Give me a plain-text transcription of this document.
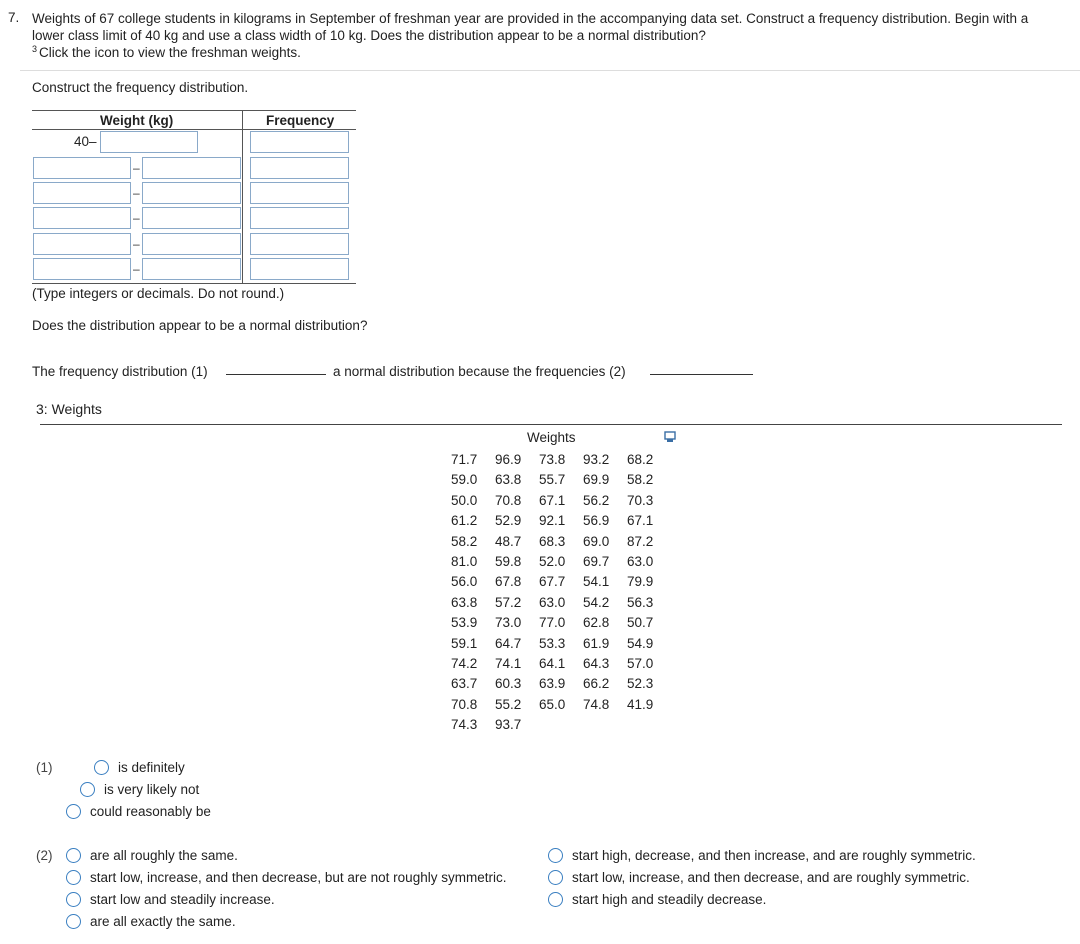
7. Weights of 67 college students in kilograms in September of freshman year are provided in the accompanying data set. Construct a frequency distribution. Begin with a lower class limit of 40 kg and use a class width of 10 kg. Does the distribution appear to be a normal distribution?
$^3$ Click the icon to view the freshman weights.
Construct the frequency distribution.
Weight (kg)	Frequency
40–
–
–
–
–
–
(Type integers or decimals. Do not round.)
Does the distribution appear to be a normal distribution?
The frequency distribution (1)	a normal distribution because the frequencies (2)
3: Weights
Weights
71.7	96.9	73.8	93.2	68.2
59.0	63.8	55.7	69.9	58.2
50.0	70.8	67.1	56.2	70.3
61.2	52.9	92.1	56.9	67.1
58.2	48.7	68.3	69.0	87.2
81.0	59.8	52.0	69.7	63.0
56.0	67.8	67.7	54.1	79.9
63.8	57.2	63.0	54.2	56.3
53.9	73.0	77.0	62.8	50.7
59.1	64.7	53.3	61.9	54.9
74.2	74.1	64.1	64.3	57.0
63.7	60.3	63.9	66.2	52.3
70.8	55.2	65.0	74.8	41.9
74.3	93.7
(1)	is definitely
is very likely not
could reasonably be
(2)	are all roughly the same.
start low, increase, and then decrease, but are not roughly symmetric.
start low and steadily increase.
are all exactly the same.
start high, decrease, and then increase, and are roughly symmetric.
start low, increase, and then decrease, and are roughly symmetric.
start high and steadily decrease.
